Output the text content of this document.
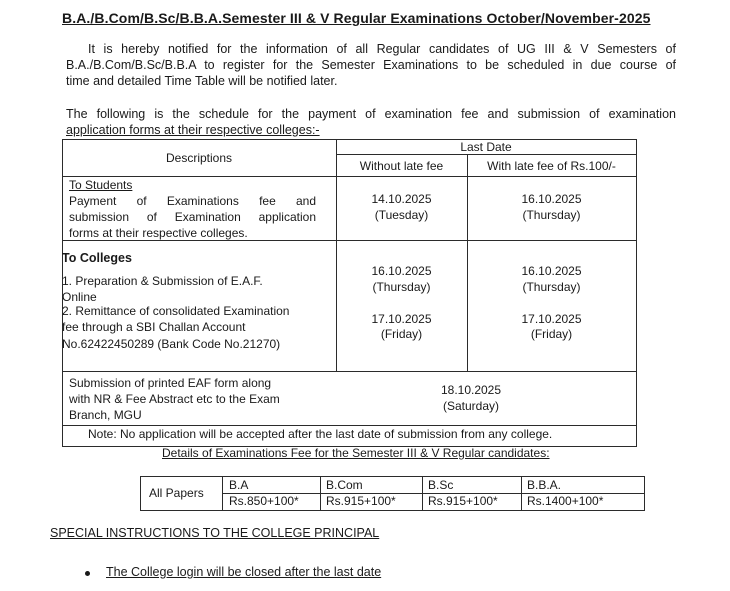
B.A./B.Com/B.Sc/B.B.A.Semester III & V Regular Examinations October/November-2025
It is hereby notified for the information of all Regular candidates of UG III & V Semesters of
B.A./B.Com/B.Sc/B.B.A to register for the Semester Examinations to be scheduled in due course of
time and detailed Time Table will be notified later.
The following is the schedule for the payment of examination fee and submission of examination
application forms at their respective colleges:-
Descriptions
Last Date
Without late fee	With late fee of Rs.100/-
To Students
Payment of Examinations fee and
submission of Examination application
forms at their respective colleges.
14.10.2025
(Tuesday)
16.10.2025
(Thursday)
To Colleges
1. Preparation & Submission of E.A.F.
Online
16.10.2025
(Thursday)
16.10.2025
(Thursday)
2. Remittance of consolidated Examination
fee through a SBI Challan Account
No.62422450289 (Bank Code No.21270)
17.10.2025
(Friday)
17.10.2025
(Friday)
Submission of printed EAF form along
with NR & Fee Abstract etc to the Exam
Branch, MGU
18.10.2025
(Saturday)
Note: No application will be accepted after the last date of submission from any college.
Details of Examinations Fee for the Semester III & V Regular candidates:
All Papers
B.A
Rs.850+100*
B.Com
Rs.915+100*
B.Sc
Rs.915+100*
B.B.A.
Rs.1400+100*
SPECIAL INSTRUCTIONS TO THE COLLEGE PRINCIPAL
The College login will be closed after the last date
